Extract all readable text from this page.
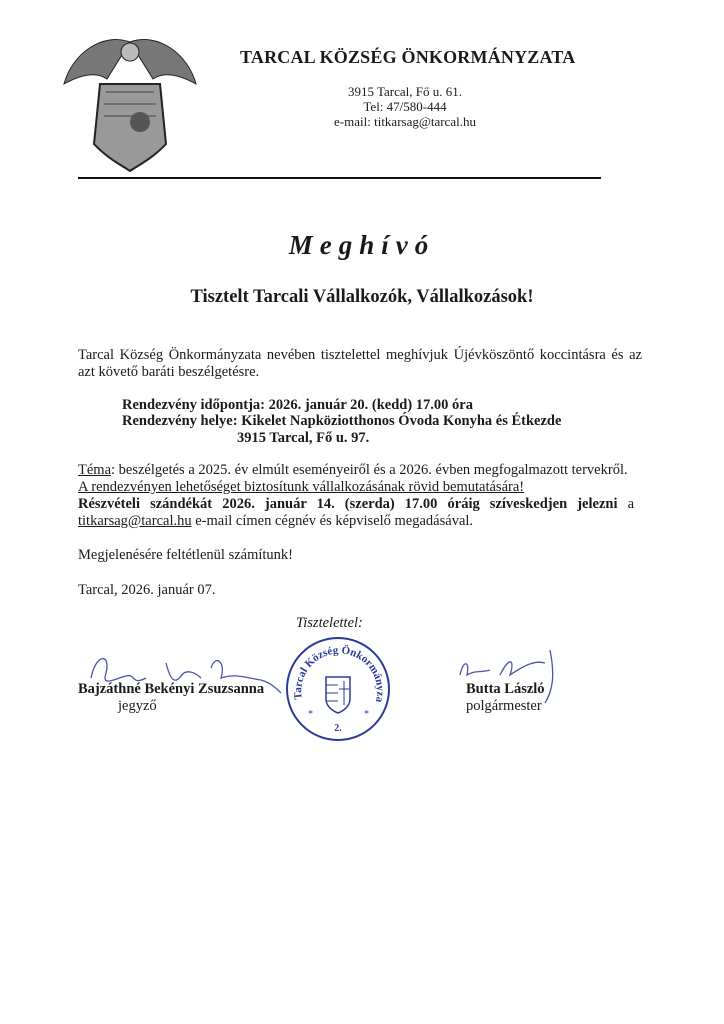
TARCAL KÖZSÉG ÖNKORMÁNYZATA
3915 Tarcal, Fő u. 61.
Tel: 47/580-444
e-mail: titkarsag@tarcal.hu
Meghívó
Tisztelt Tarcali Vállalkozók, Vállalkozások!
Tarcal Község Önkormányzata nevében tisztelettel meghívjuk Újévköszöntő koccintásra és az
azt követő baráti beszélgetésre.
Rendezvény időpontja: 2026. január 20. (kedd) 17.00 óra
Rendezvény helye: Kikelet Napköziotthonos Óvoda Konyha és Étkezde
3915 Tarcal, Fő u. 97.
Téma: beszélgetés a 2025. év elmúlt eseményeiről és a 2026. évben megfogalmazott tervekről.
A rendezvényen lehetőséget biztosítunk vállalkozásának rövid bemutatására!
Részvételi szándékát 2026. január 14. (szerda) 17.00 óráig szíveskedjen jelezni a
titkarsag@tarcal.hu e-mail címen cégnév és képviselő megadásával.
Megjelenésére feltétlenül számítunk!
Tarcal, 2026. január 07.
Tisztelettel:
Bajzáthné Bekényi Zsuzsanna
jegyző
Tarcal Község Önkormányza
*	*
2.
Butta László
polgármester
